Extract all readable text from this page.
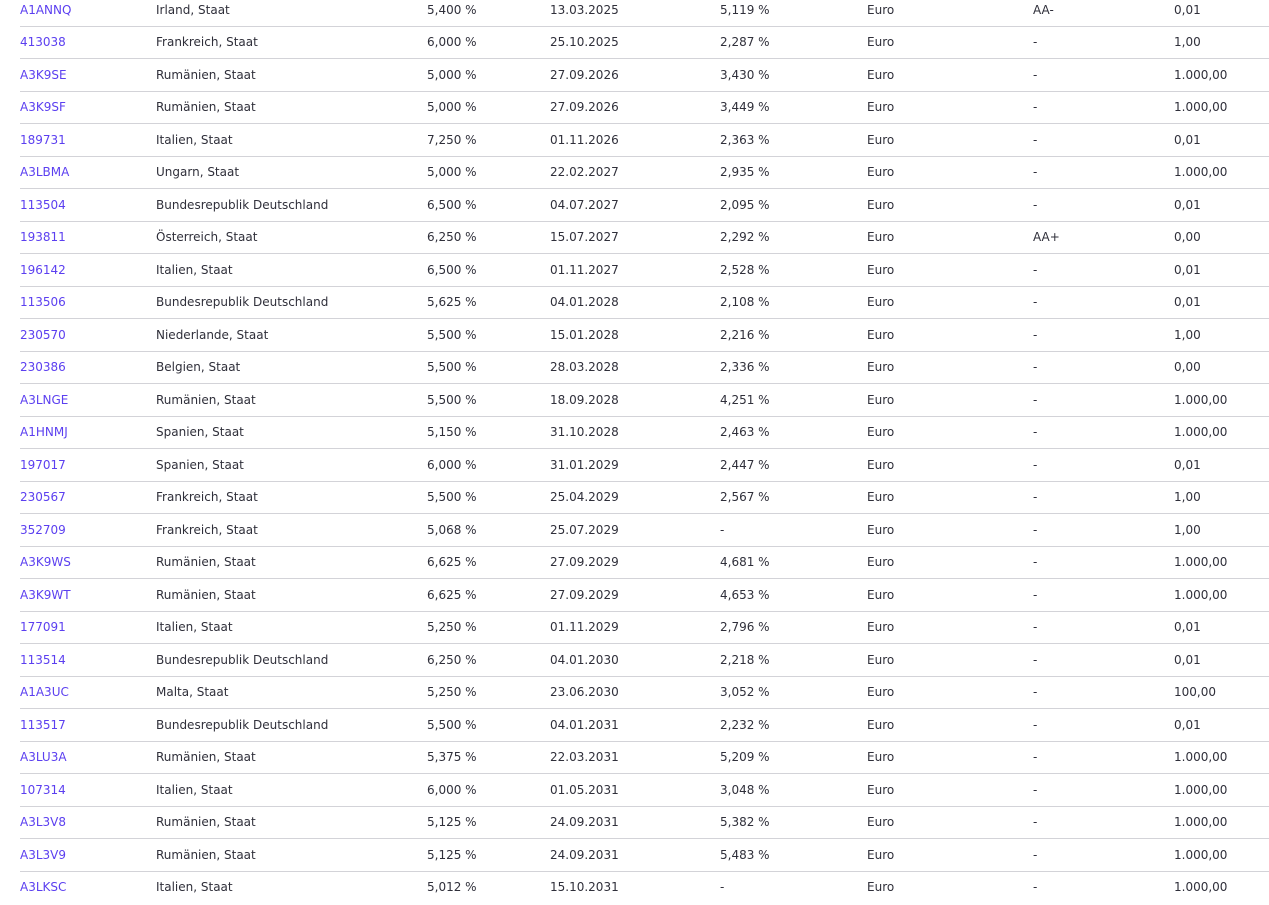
A1ANNQ	Irland, Staat	5,400 %	13.03.2025	5,119 %	Euro	AA-	0,01
413038	Frankreich, Staat	6,000 %	25.10.2025	2,287 %	Euro	-	1,00
A3K9SE	Rumänien, Staat	5,000 %	27.09.2026	3,430 %	Euro	-	1.000,00
A3K9SF	Rumänien, Staat	5,000 %	27.09.2026	3,449 %	Euro	-	1.000,00
189731	Italien, Staat	7,250 %	01.11.2026	2,363 %	Euro	-	0,01
A3LBMA	Ungarn, Staat	5,000 %	22.02.2027	2,935 %	Euro	-	1.000,00
113504	Bundesrepublik Deutschland	6,500 %	04.07.2027	2,095 %	Euro	-	0,01
193811	Österreich, Staat	6,250 %	15.07.2027	2,292 %	Euro	AA+	0,00
196142	Italien, Staat	6,500 %	01.11.2027	2,528 %	Euro	-	0,01
113506	Bundesrepublik Deutschland	5,625 %	04.01.2028	2,108 %	Euro	-	0,01
230570	Niederlande, Staat	5,500 %	15.01.2028	2,216 %	Euro	-	1,00
230386	Belgien, Staat	5,500 %	28.03.2028	2,336 %	Euro	-	0,00
A3LNGE	Rumänien, Staat	5,500 %	18.09.2028	4,251 %	Euro	-	1.000,00
A1HNMJ	Spanien, Staat	5,150 %	31.10.2028	2,463 %	Euro	-	1.000,00
197017	Spanien, Staat	6,000 %	31.01.2029	2,447 %	Euro	-	0,01
230567	Frankreich, Staat	5,500 %	25.04.2029	2,567 %	Euro	-	1,00
352709	Frankreich, Staat	5,068 %	25.07.2029	-	Euro	-	1,00
A3K9WS	Rumänien, Staat	6,625 %	27.09.2029	4,681 %	Euro	-	1.000,00
A3K9WT	Rumänien, Staat	6,625 %	27.09.2029	4,653 %	Euro	-	1.000,00
177091	Italien, Staat	5,250 %	01.11.2029	2,796 %	Euro	-	0,01
113514	Bundesrepublik Deutschland	6,250 %	04.01.2030	2,218 %	Euro	-	0,01
A1A3UC	Malta, Staat	5,250 %	23.06.2030	3,052 %	Euro	-	100,00
113517	Bundesrepublik Deutschland	5,500 %	04.01.2031	2,232 %	Euro	-	0,01
A3LU3A	Rumänien, Staat	5,375 %	22.03.2031	5,209 %	Euro	-	1.000,00
107314	Italien, Staat	6,000 %	01.05.2031	3,048 %	Euro	-	1.000,00
A3L3V8	Rumänien, Staat	5,125 %	24.09.2031	5,382 %	Euro	-	1.000,00
A3L3V9	Rumänien, Staat	5,125 %	24.09.2031	5,483 %	Euro	-	1.000,00
A3LKSC	Italien, Staat	5,012 %	15.10.2031	-	Euro	-	1.000,00
